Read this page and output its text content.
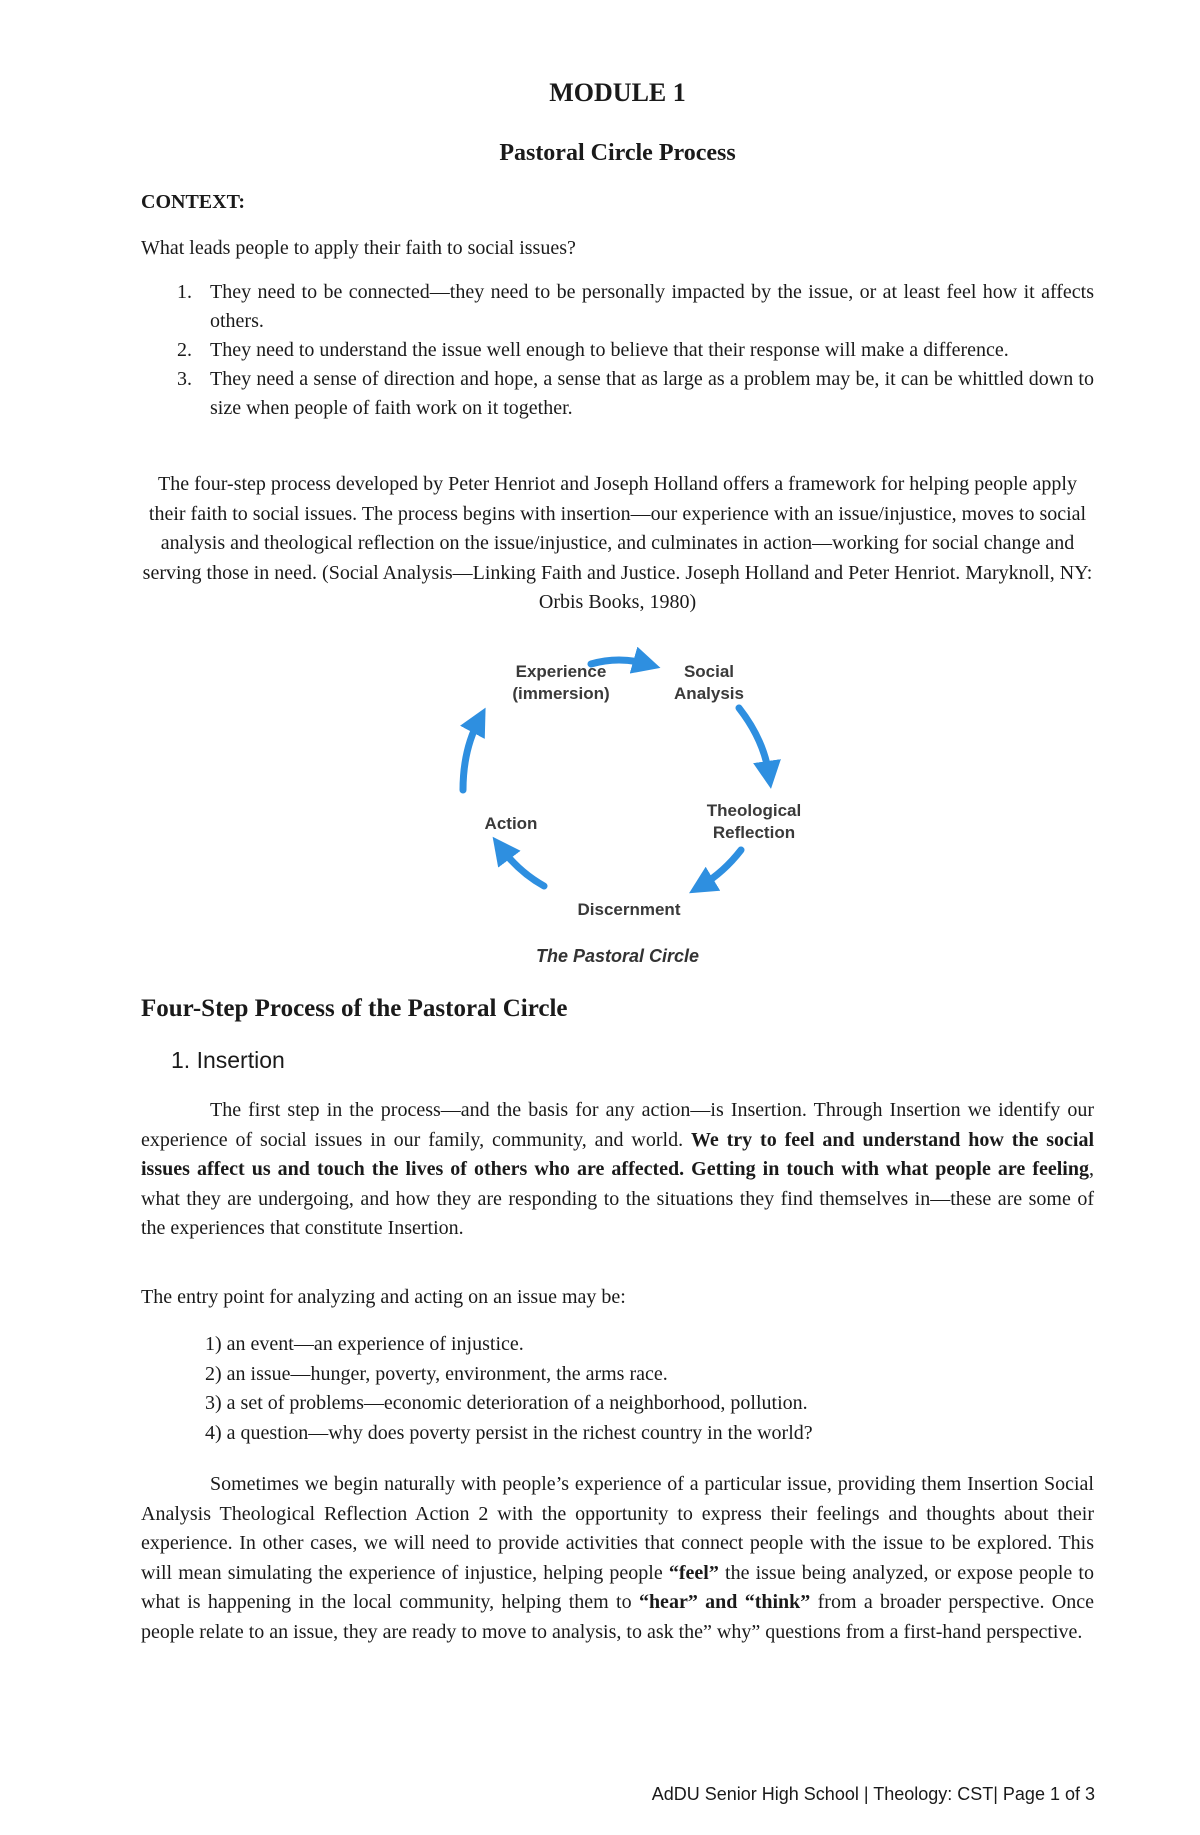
MODULE 1
Pastoral Circle Process
CONTEXT:
What leads people to apply their faith to social issues?
1. They need to be connected—they need to be personally impacted by the issue, or at least feel how it affects others.
2. They need to understand the issue well enough to believe that their response will make a difference.
3. They need a sense of direction and hope, a sense that as large as a problem may be, it can be whittled down to size when people of faith work on it together.
The four-step process developed by Peter Henriot and Joseph Holland offers a framework for helping people apply their faith to social issues. The process begins with insertion—our experience with an issue/injustice, moves to social analysis and theological reflection on the issue/injustice, and culminates in action—working for social change and serving those in need. (Social Analysis—Linking Faith and Justice. Joseph Holland and Peter Henriot. Maryknoll, NY: Orbis Books, 1980)
Experience
(immersion)
Social
Analysis
Theological
Reflection
Discernment
Action
The Pastoral Circle
Four-Step Process of the Pastoral Circle
1. Insertion
The first step in the process—and the basis for any action—is Insertion. Through Insertion we identify our experience of social issues in our family, community, and world. We try to feel and understand how the social issues affect us and touch the lives of others who are affected. Getting in touch with what people are feeling, what they are undergoing, and how they are responding to the situations they find themselves in—these are some of the experiences that constitute Insertion.
The entry point for analyzing and acting on an issue may be:
1) an event—an experience of injustice.
2) an issue—hunger, poverty, environment, the arms race.
3) a set of problems—economic deterioration of a neighborhood, pollution.
4) a question—why does poverty persist in the richest country in the world?
Sometimes we begin naturally with people’s experience of a particular issue, providing them Insertion Social Analysis Theological Reflection Action 2 with the opportunity to express their feelings and thoughts about their experience. In other cases, we will need to provide activities that connect people with the issue to be explored. This will mean simulating the experience of injustice, helping people “feel” the issue being analyzed, or expose people to what is happening in the local community, helping them to “hear” and “think” from a broader perspective. Once people relate to an issue, they are ready to move to analysis, to ask the” why” questions from a first-hand perspective.
AdDU Senior High School | Theology: CST| Page 1 of 3
